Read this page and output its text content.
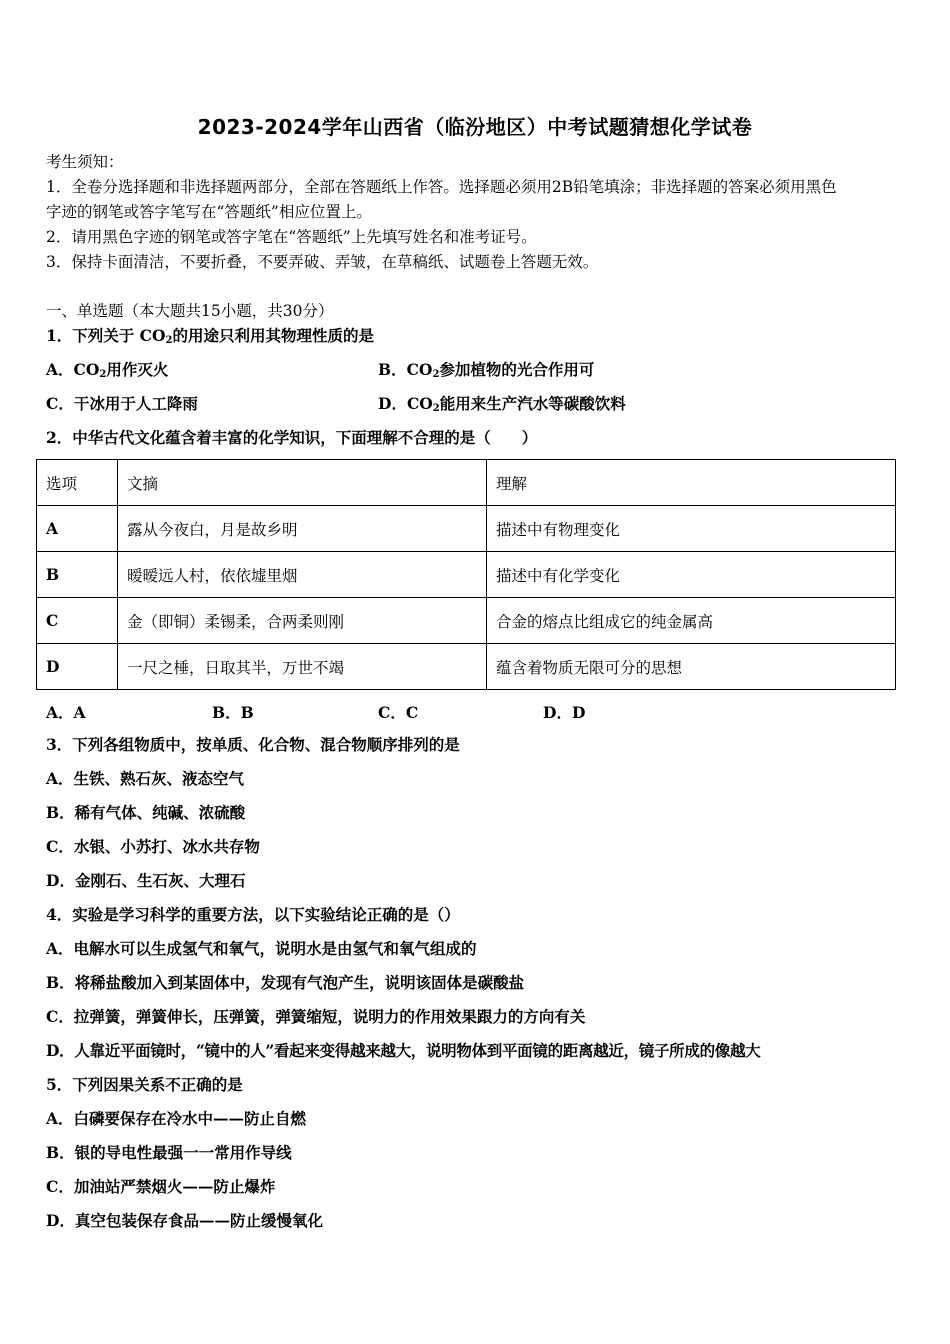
2023-2024学年山西省（临汾地区）中考试题猜想化学试卷
考生须知：
1．全卷分选择题和非选择题两部分，全部在答题纸上作答。选择题必须用2B铅笔填涂；非选择题的答案必须用黑色
字迹的钢笔或答字笔写在“答题纸”相应位置上。
2．请用黑色字迹的钢笔或答字笔在“答题纸”上先填写姓名和准考证号。
3．保持卡面清洁，不要折叠，不要弄破、弄皱，在草稿纸、试题卷上答题无效。
一、单选题（本大题共15小题，共30分）
1．下列关于 $CO_2$的用途只利用其物理性质的是
A．$CO_2$用作灭火	B．$CO_2$参加植物的光合作用可
C．干冰用于人工降雨	D．$CO_2$能用来生产汽水等碳酸饮料
2．中华古代文化蕴含着丰富的化学知识，下面理解不合理的是（　　）
选项	文摘	理解
A	露从今夜白，月是故乡明	描述中有物理变化
B	暧暧远人村，依依墟里烟	描述中有化学变化
C	金（即铜）柔锡柔，合两柔则刚	合金的熔点比组成它的纯金属高
D	一尺之棰，日取其半，万世不竭	蕴含着物质无限可分的思想
A．A	B．B	C．C	D．D
3．下列各组物质中，按单质、化合物、混合物顺序排列的是
A．生铁、熟石灰、液态空气
B．稀有气体、纯碱、浓硫酸
C．水银、小苏打、冰水共存物
D．金刚石、生石灰、大理石
4．实验是学习科学的重要方法，以下实验结论正确的是（）
A．电解水可以生成氢气和氧气，说明水是由氢气和氧气组成的
B．将稀盐酸加入到某固体中，发现有气泡产生，说明该固体是碳酸盐
C．拉弹簧，弹簧伸长，压弹簧，弹簧缩短，说明力的作用效果跟力的方向有关
D．人靠近平面镜时，“镜中的人”看起来变得越来越大，说明物体到平面镜的距离越近，镜子所成的像越大
5．下列因果关系不正确的是
A．白磷要保存在冷水中——防止自燃
B．银的导电性最强一一常用作导线
C．加油站严禁烟火——防止爆炸
D．真空包装保存食品——防止缓慢氧化
